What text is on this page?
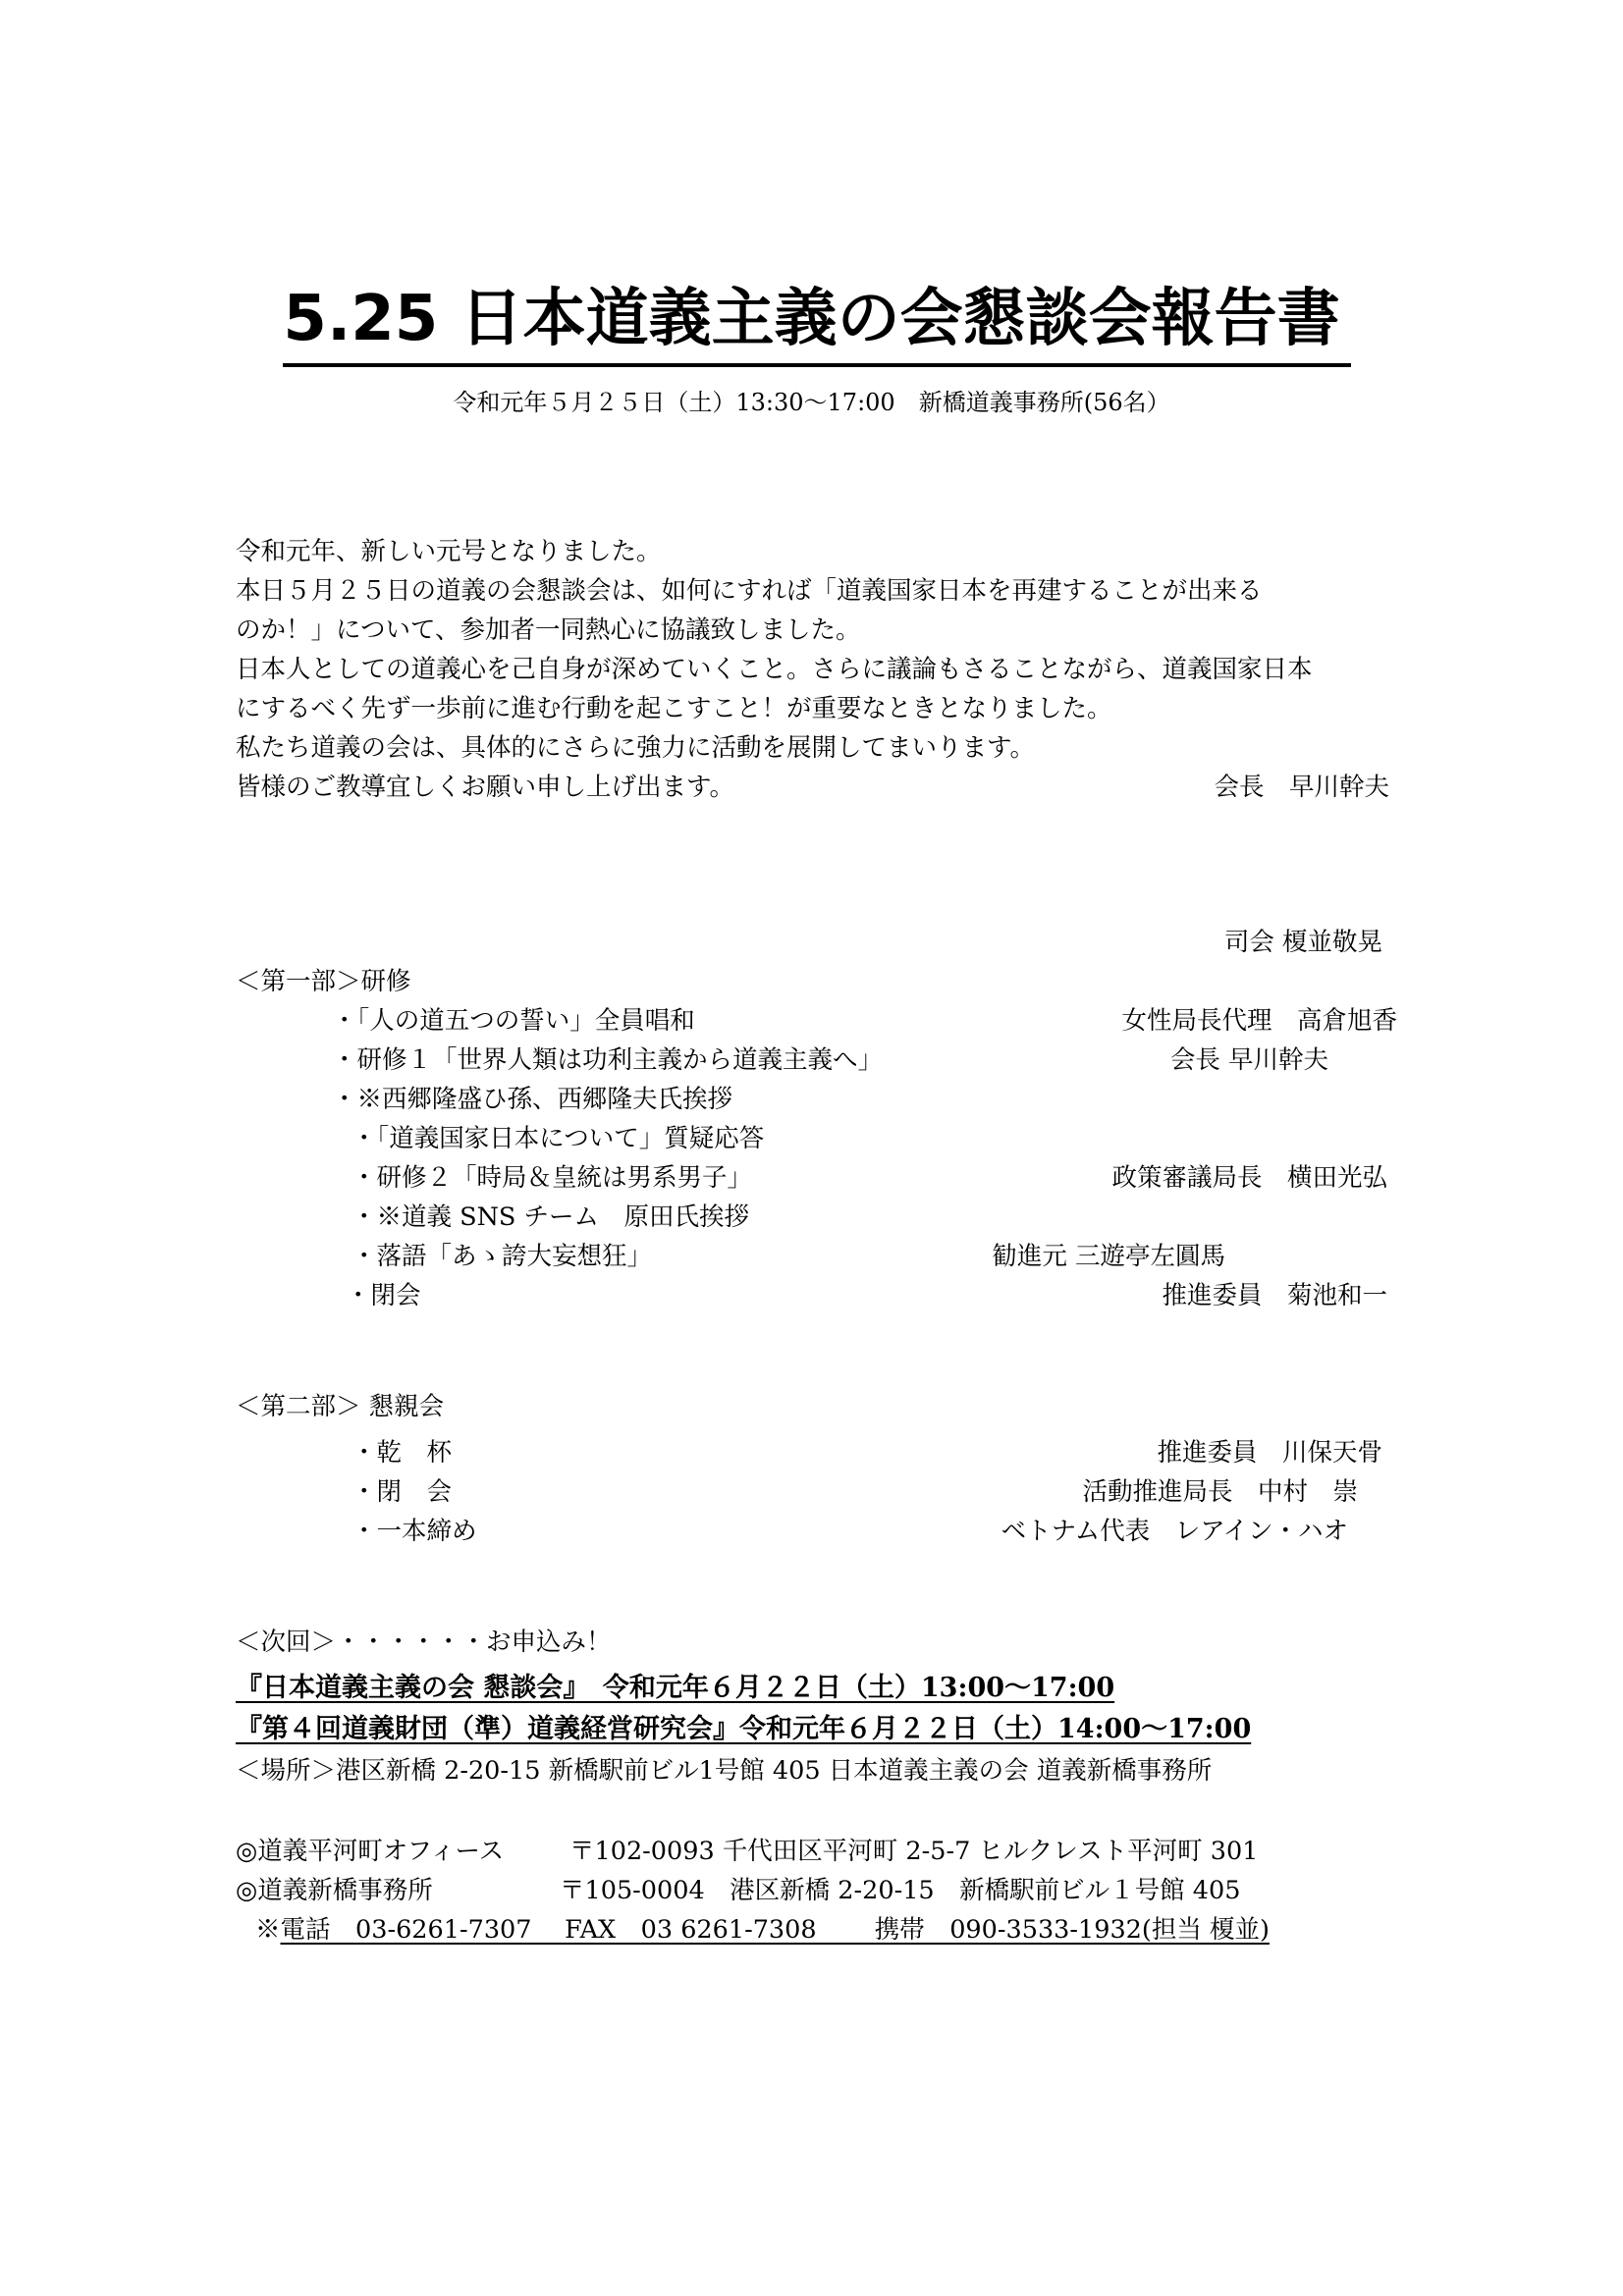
5.25 日本道義主義の会懇談会報告書
令和元年５月２５日（土）13:30～17:00　新橋道義事務所(56名）
令和元年、新しい元号となりました。
本日５月２５日の道義の会懇談会は、如何にすれば「道義国家日本を再建することが出来る
のか！」について、参加者一同熱心に協議致しました。
日本人としての道義心を己自身が深めていくこと。さらに議論もさることながら、道義国家日本
にするべく先ず一歩前に進む行動を起こすこと！が重要なときとなりました。
私たち道義の会は、具体的にさらに強力に活動を展開してまいります。
皆様のご教導宜しくお願い申し上げ出ます。	会長　早川幹夫
司会 榎並敬晃
＜第一部＞研修
・「人の道五つの誓い」全員唱和	女性局長代理　高倉旭香
・研修１「世界人類は功利主義から道義主義へ」	会長 早川幹夫
・※西郷隆盛ひ孫、西郷隆夫氏挨拶
・「道義国家日本について」質疑応答
・研修２「時局＆皇統は男系男子」	政策審議局長　横田光弘
・※道義 SNS チーム　原田氏挨拶
・落語「あゝ誇大妄想狂」	勧進元 三遊亭左圓馬
・閉会	推進委員　菊池和一
＜第二部＞ 懇親会
・乾　杯	推進委員　川保天骨
・閉　会	活動推進局長　中村　崇
・一本締め	ベトナム代表　レアイン・ハオ
＜次回＞・・・・・・お申込み！
『日本道義主義の会 懇談会』　令和元年６月２２日（土）13:00～17:00
『第４回道義財団（準）道義経営研究会』令和元年６月２２日（土）14:00～17:00
＜場所＞港区新橋 2-20-15 新橋駅前ビル1号館 405 日本道義主義の会 道義新橋事務所
◎道義平河町オフィース	〒102-0093 千代田区平河町 2-5-7 ヒルクレスト平河町 301
◎道義新橋事務所	〒105-0004　港区新橋 2-20-15　新橋駅前ビル１号館 405
※電話　03-6261-7307　 FAX　03 6261-7308　　 携帯　090-3533-1932(担当 榎並)
